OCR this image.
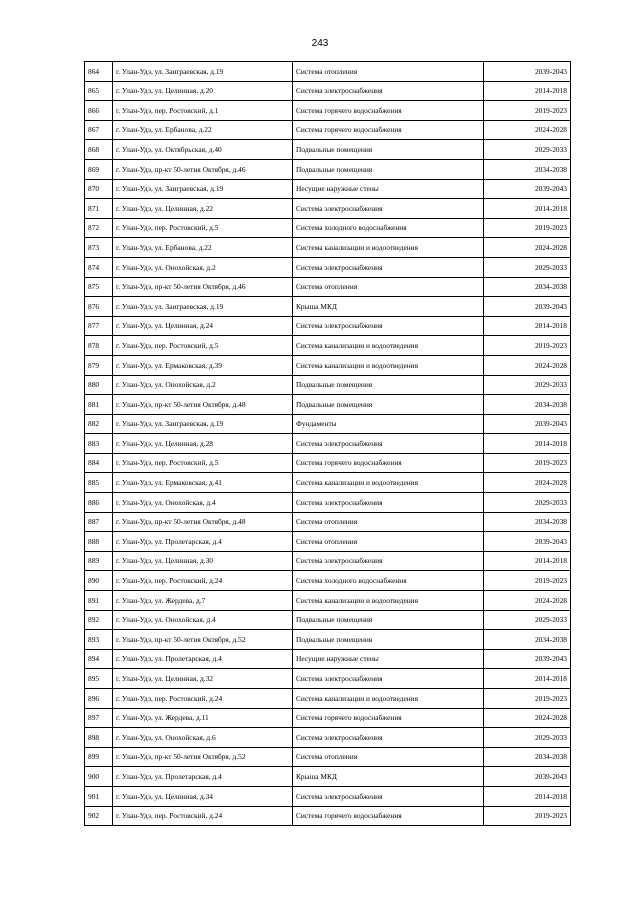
243
864	г. Улан-Удэ, ул. Заиграевская, д.19	Система отопления	2039-2043
865	г. Улан-Удэ, ул. Целинная, д.20	Система электроснабжения	2014-2018
866	г. Улан-Удэ, пер. Ростовский, д.1	Система горячего водоснабжения	2019-2023
867	г. Улан-Удэ, ул. Ербанова, д.22	Система горячего водоснабжения	2024-2028
868	г. Улан-Удэ, ул. Октябрьская, д.40	Подвальные помещения	2029-2033
869	г. Улан-Удэ, пр-кт 50-летия Октября, д.46	Подвальные помещения	2034-2038
870	г. Улан-Удэ, ул. Заиграевская, д.19	Несущие наружные стены	2039-2043
871	г. Улан-Удэ, ул. Целинная, д.22	Система электроснабжения	2014-2018
872	г. Улан-Удэ, пер. Ростовский, д.5	Система холодного водоснабжения	2019-2023
873	г. Улан-Удэ, ул. Ербанова, д.22	Система канализации и водоотведения	2024-2028
874	г. Улан-Удэ, ул. Онохойская, д.2	Система электроснабжения	2029-2033
875	г. Улан-Удэ, пр-кт 50-летия Октября, д.46	Система отопления	2034-2038
876	г. Улан-Удэ, ул. Заиграевская, д.19	Крыша МКД	2039-2043
877	г. Улан-Удэ, ул. Целинная, д.24	Система электроснабжения	2014-2018
878	г. Улан-Удэ, пер. Ростовский, д.5	Система канализации и водоотведения	2019-2023
879	г. Улан-Удэ, ул. Ермаковская, д.39	Система канализации и водоотведения	2024-2028
880	г. Улан-Удэ, ул. Онохойская, д.2	Подвальные помещения	2029-2033
881	г. Улан-Удэ, пр-кт 50-летия Октября, д.48	Подвальные помещения	2034-2038
882	г. Улан-Удэ, ул. Заиграевская, д.19	Фундаменты	2039-2043
883	г. Улан-Удэ, ул. Целинная, д.28	Система электроснабжения	2014-2018
884	г. Улан-Удэ, пер. Ростовский, д.5	Система горячего водоснабжения	2019-2023
885	г. Улан-Удэ, ул. Ермаковская, д.41	Система канализации и водоотведения	2024-2028
886	г. Улан-Удэ, ул. Онохойская, д.4	Система электроснабжения	2029-2033
887	г. Улан-Удэ, пр-кт 50-летия Октября, д.48	Система отопления	2034-2038
888	г. Улан-Удэ, ул. Пролетарская, д.4	Система отопления	2039-2043
889	г. Улан-Удэ, ул. Целинная, д.30	Система электроснабжения	2014-2018
890	г. Улан-Удэ, пер. Ростовский, д.24	Система холодного водоснабжения	2019-2023
891	г. Улан-Удэ, ул. Жердева, д.7	Система канализации и водоотведения	2024-2028
892	г. Улан-Удэ, ул. Онохойская, д.4	Подвальные помещения	2029-2033
893	г. Улан-Удэ, пр-кт 50-летия Октября, д.52	Подвальные помещения	2034-2038
894	г. Улан-Удэ, ул. Пролетарская, д.4	Несущие наружные стены	2039-2043
895	г. Улан-Удэ, ул. Целинная, д.32	Система электроснабжения	2014-2018
896	г. Улан-Удэ, пер. Ростовский, д.24	Система канализации и водоотведения	2019-2023
897	г. Улан-Удэ, ул. Жердева, д.11	Система горячего водоснабжения	2024-2028
898	г. Улан-Удэ, ул. Онохойская, д.6	Система электроснабжения	2029-2033
899	г. Улан-Удэ, пр-кт 50-летия Октября, д.52	Система отопления	2034-2038
900	г. Улан-Удэ, ул. Пролетарская, д.4	Крыша МКД	2039-2043
901	г. Улан-Удэ, ул. Целинная, д.34	Система электроснабжения	2014-2018
902	г. Улан-Удэ, пер. Ростовский, д.24	Система горячего водоснабжения	2019-2023
